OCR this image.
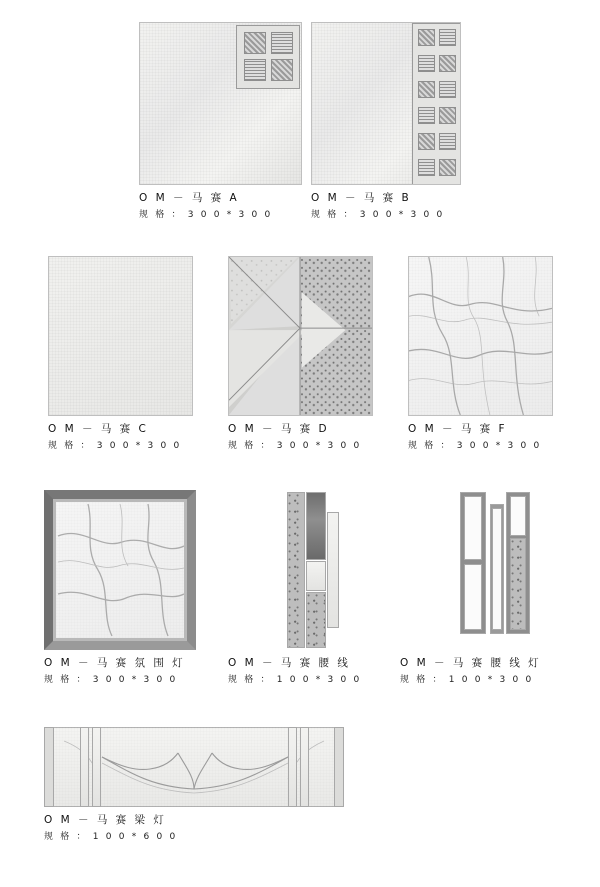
O M － 马 赛 A
规 格 ： 3 0 0 * 3 0 0
O M － 马 赛 B
规 格 ： 3 0 0 * 3 0 0
O M － 马 赛 C
规 格 ： 3 0 0 * 3 0 0
O M － 马 赛 D
规 格 ： 3 0 0 * 3 0 0
O M － 马 赛 F
规 格 ： 3 0 0 * 3 0 0
O M － 马 赛 氛 围 灯
规 格 ： 3 0 0 * 3 0 0
O M － 马 赛 腰 线
规 格 ： 1 0 0 * 3 0 0
O M － 马 赛 腰 线 灯
规 格 ： 1 0 0 * 3 0 0
O M － 马 赛 梁 灯
规 格 ： 1 0 0 * 6 0 0
